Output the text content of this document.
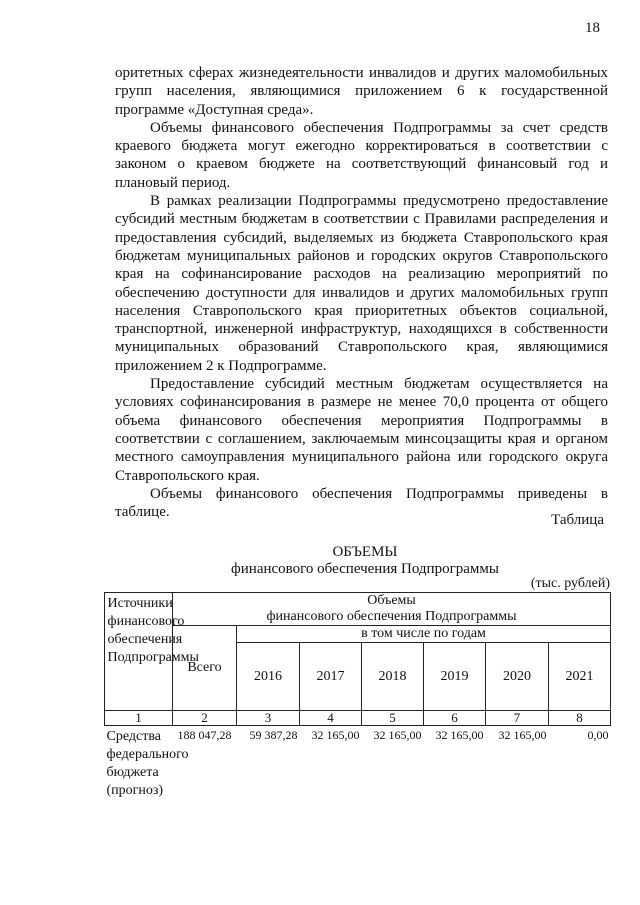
18

оритетных сферах жизнедеятельности инвалидов и других маломобильных групп населения, являющимися приложением 6 к государственной программе «Доступная среда».

Объемы финансового обеспечения Подпрограммы за счет средств краевого бюджета могут ежегодно корректироваться в соответствии с законом о краевом бюджете на соответствующий финансовый год и плановый период.

В рамках реализации Подпрограммы предусмотрено предоставление субсидий местным бюджетам в соответствии с Правилами распределения и предоставления субсидий, выделяемых из бюджета Ставропольского края бюджетам муниципальных районов и городских округов Ставропольского края на софинансирование расходов на реализацию мероприятий по обеспечению доступности для инвалидов и других маломобильных групп населения Ставропольского края приоритетных объектов социальной, транспортной, инженерной инфраструктур, находящихся в собственности муниципальных образований Ставропольского края, являющимися приложением 2 к Подпрограмме.

Предоставление субсидий местным бюджетам осуществляется на условиях софинансирования в размере не менее 70,0 процента от общего объема финансового обеспечения мероприятия Подпрограммы в соответствии с соглашением, заключаемым минсоцзащиты края и органом местного самоуправления муниципального района или городского округа Ставропольского края.

Объемы финансового обеспечения Подпрограммы приведены в таблице.	Таблица
ОБЪЕМЫ
финансового обеспечения Подпрограммы
(тыс. рублей)
Источники финансового обеспечения Подпрограммы	Объемы
финансового обеспечения Подпрограммы						

	Всего	в том числе по годам					
		2016	2017	2018	2019	2020	2021
1	2	3	4	5	6	7	8
Средства федерального бюджета (прогноз)	188 047,28	59 387,28	32 165,00	32 165,00	32 165,00	32 165,00	0,00
